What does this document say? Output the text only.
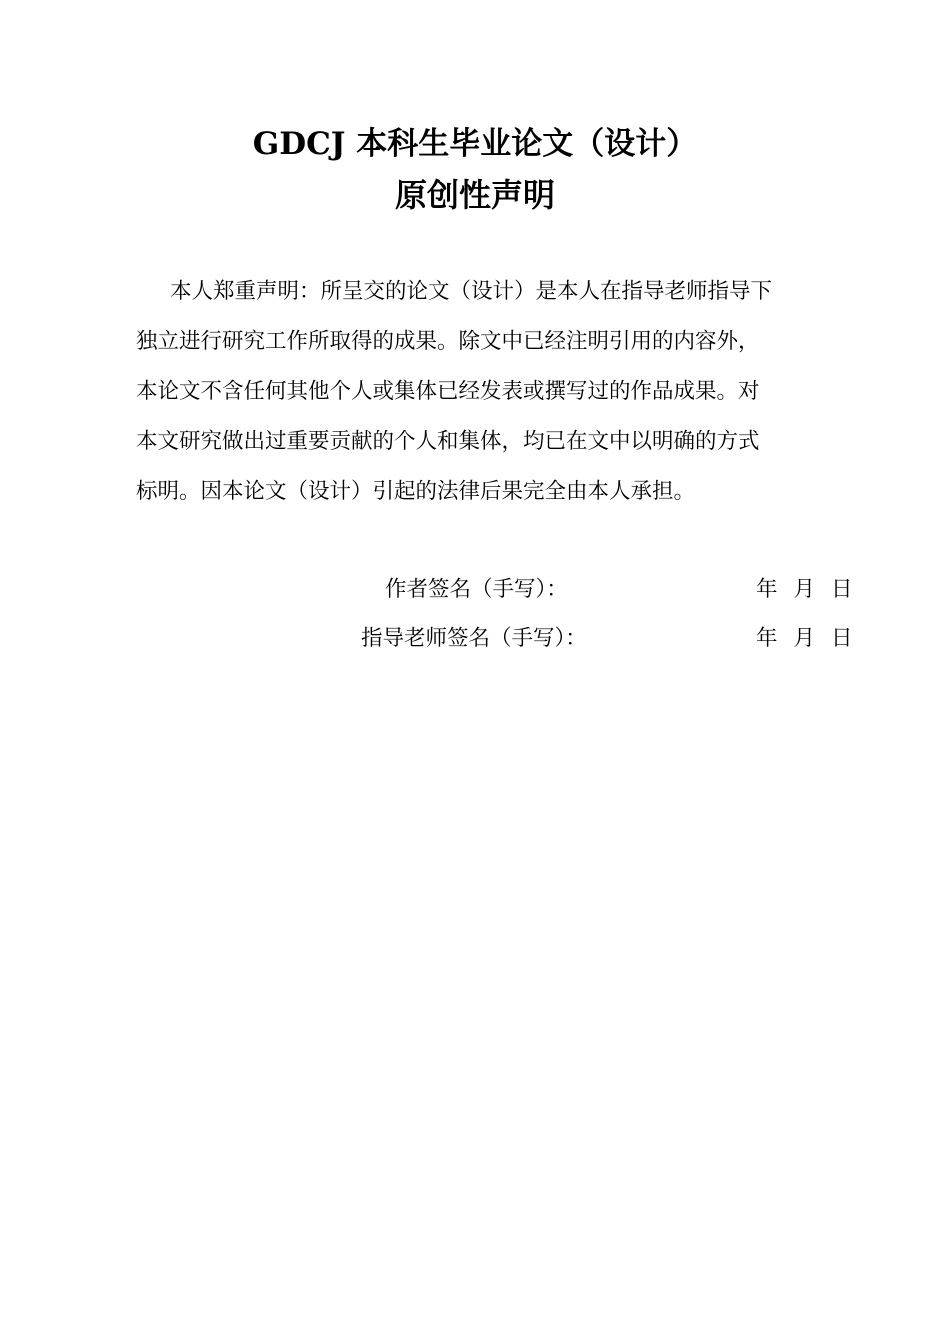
GDCJ 本科生毕业论文（设计）
原创性声明
本人郑重声明：所呈交的论文（设计）是本人在指导老师指导下
独立进行研究工作所取得的成果。除文中已经注明引用的内容外，
本论文不含任何其他个人或集体已经发表或撰写过的作品成果。对
本文研究做出过重要贡献的个人和集体，均已在文中以明确的方式
标明。因本论文（设计）引起的法律后果完全由本人承担。
作者签名（手写）：	年 月 日
指导老师签名（手写）：	年 月 日
